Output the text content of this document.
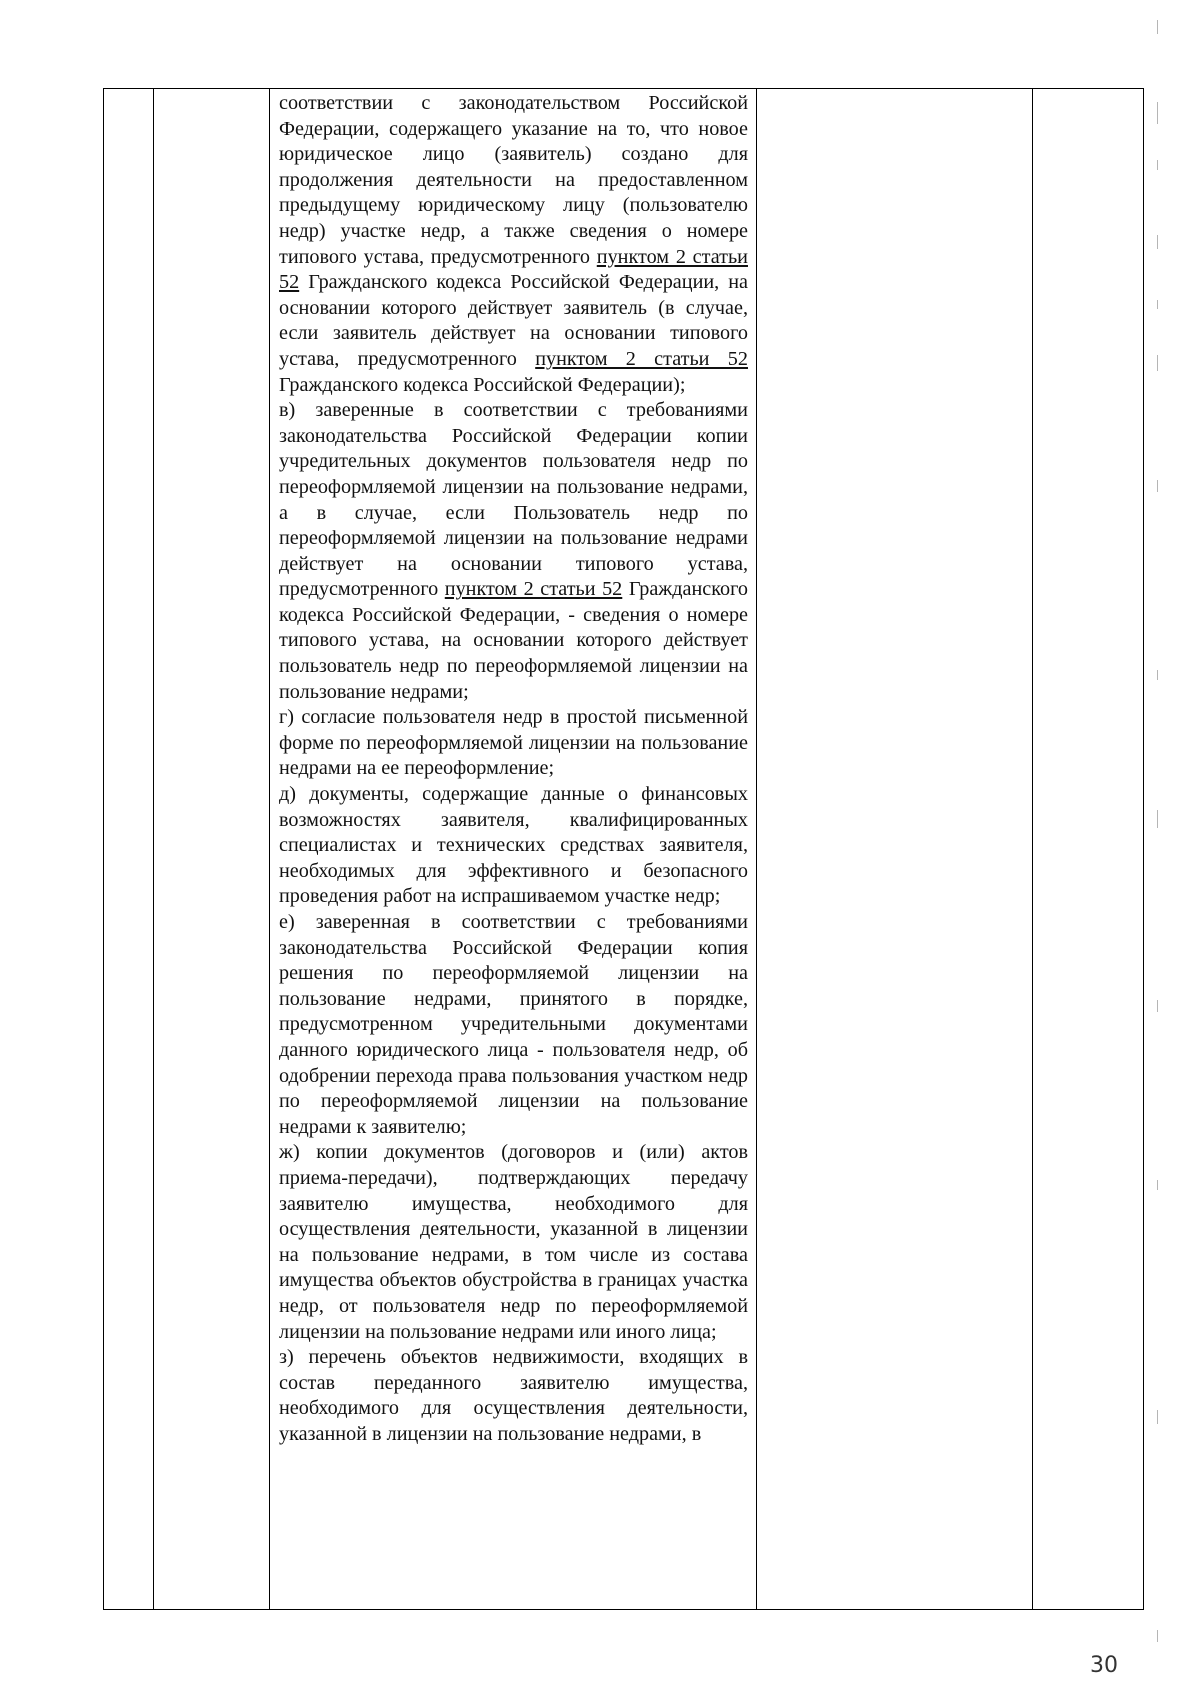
соответствии с законодательством Российской Федерации, содержащего указание на то, что новое юридическое лицо (заявитель) создано для продолжения деятельности на предоставленном предыдущему юридическому лицу (пользователю недр) участке недр, а также сведения о номере типового устава, предусмотренного пунктом 2 статьи 52 Гражданского кодекса Российской Федерации, на основании которого действует заявитель (в случае, если заявитель действует на основании типового устава, предусмотренного пунктом 2 статьи 52 Гражданского кодекса Российской Федерации);

в) заверенные в соответствии с требованиями законодательства Российской Федерации копии учредительных документов пользователя недр по переоформляемой лицензии на пользование недрами, а в случае, если Пользователь недр по переоформляемой лицензии на пользование недрами действует на основании типового устава, предусмотренного пунктом 2 статьи 52 Гражданского кодекса Российской Федерации, - сведения о номере типового устава, на основании которого действует пользователь недр по переоформляемой лицензии на пользование недрами;

г) согласие пользователя недр в простой письменной форме по переоформляемой лицензии на пользование недрами на ее переоформление;

д) документы, содержащие данные о финансовых возможностях заявителя, квалифицированных специалистах и технических средствах заявителя, необходимых для эффективного и безопасного проведения работ на испрашиваемом участке недр;

е) заверенная в соответствии с требованиями законодательства Российской Федерации копия решения по переоформляемой лицензии на пользование недрами, принятого в порядке, предусмотренном учредительными документами данного юридического лица - пользователя недр, об одобрении перехода права пользования участком недр по переоформляемой лицензии на пользование недрами к заявителю;

ж) копии документов (договоров и (или) актов приема-передачи), подтверждающих передачу заявителю имущества, необходимого для осуществления деятельности, указанной в лицензии на пользование недрами, в том числе из состава имущества объектов обустройства в границах участка недр, от пользователя недр по переоформляемой лицензии на пользование недрами или иного лица;

з) перечень объектов недвижимости, входящих в состав переданного заявителю имущества, необходимого для осуществления деятельности, указанной в лицензии на пользование недрами, в

30
